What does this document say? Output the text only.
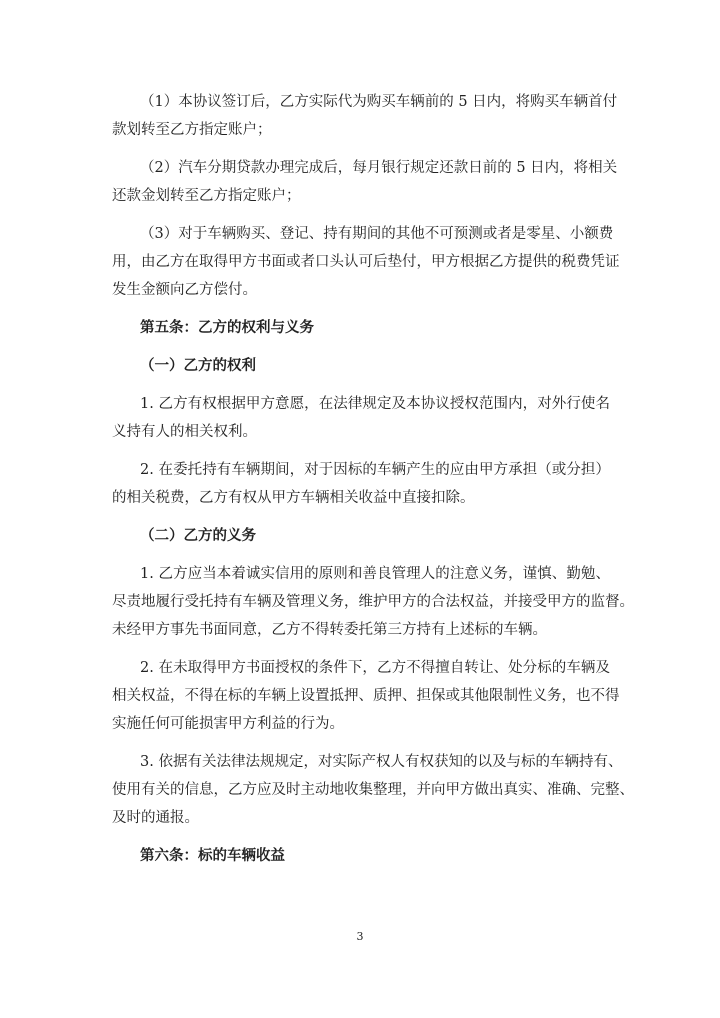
（1）本协议签订后，乙方实际代为购买车辆前的 5 日内，将购买车辆首付
款划转至乙方指定账户；
（2）汽车分期贷款办理完成后，每月银行规定还款日前的 5 日内，将相关
还款金划转至乙方指定账户；
（3）对于车辆购买、登记、持有期间的其他不可预测或者是零星、小额费
用，由乙方在取得甲方书面或者口头认可后垫付，甲方根据乙方提供的税费凭证
发生金额向乙方偿付。
第五条：乙方的权利与义务
（一）乙方的权利
1. 乙方有权根据甲方意愿，在法律规定及本协议授权范围内，对外行使名
义持有人的相关权利。
2. 在委托持有车辆期间，对于因标的车辆产生的应由甲方承担（或分担）
的相关税费，乙方有权从甲方车辆相关收益中直接扣除。
（二）乙方的义务
1. 乙方应当本着诚实信用的原则和善良管理人的注意义务，谨慎、勤勉、
尽责地履行受托持有车辆及管理义务，维护甲方的合法权益，并接受甲方的监督。
未经甲方事先书面同意，乙方不得转委托第三方持有上述标的车辆。
2. 在未取得甲方书面授权的条件下，乙方不得擅自转让、处分标的车辆及
相关权益，不得在标的车辆上设置抵押、质押、担保或其他限制性义务，也不得
实施任何可能损害甲方利益的行为。
3. 依据有关法律法规规定，对实际产权人有权获知的以及与标的车辆持有、
使用有关的信息，乙方应及时主动地收集整理，并向甲方做出真实、准确、完整、
及时的通报。
第六条：标的车辆收益
3
